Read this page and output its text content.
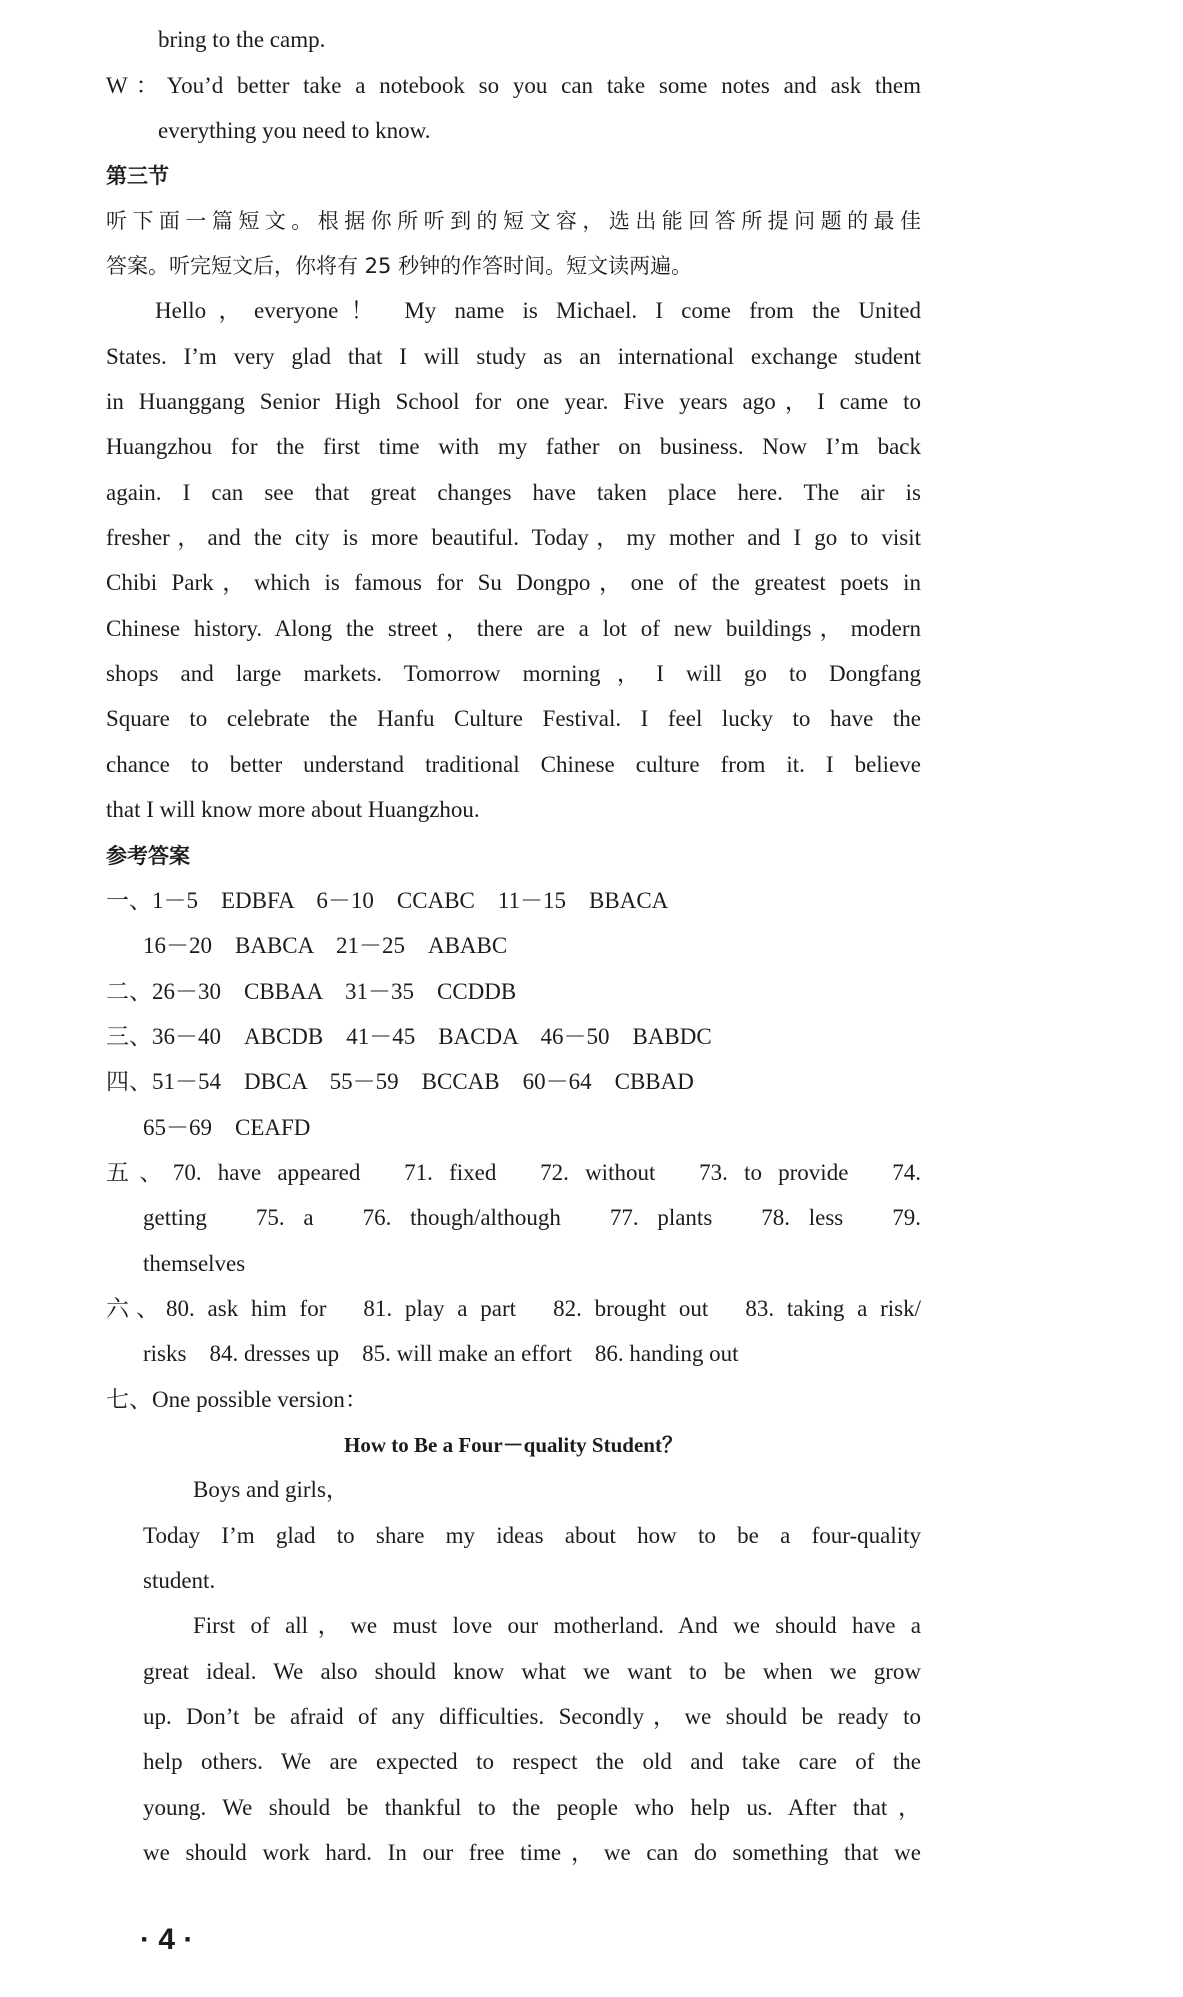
bring to the camp.
W：You’d better take a notebook so you can take some notes and ask them
everything you need to know.
第三节
听下面一篇短文。根据你所听到的短文容，选出能回答所提问题的最佳
答案。听完短文后，你将有 25 秒钟的作答时间。短文读两遍。
Hello，everyone！ My name is Michael. I come from the United
States. I’m very glad that I will study as an international exchange student
in Huanggang Senior High School for one year. Five years ago，I came to
Huangzhou for the first time with my father on business. Now I’m back
again. I can see that great changes have taken place here. The air is
fresher，and the city is more beautiful. Today，my mother and I go to visit
Chibi Park，which is famous for Su Dongpo，one of the greatest poets in
Chinese history. Along the street，there are a lot of new buildings，modern
shops and large markets. Tomorrow morning，I will go to Dongfang
Square to celebrate the Hanfu Culture Festival. I feel lucky to have the
chance to better understand traditional Chinese culture from it. I believe
that I will know more about Huangzhou.
参考答案
一、1－5　EDBFA　6－10　CCABC　11－15　BBACA
16－20　BABCA　21－25　ABABC
二、26－30　CBBAA　31－35　CCDDB
三、36－40　ABCDB　41－45　BACDA　46－50　BABDC
四、51－54　DBCA　55－59　BCCAB　60－64　CBBAD
65－69　CEAFD
五、70. have appeared　71. fixed　72. without　73. to provide　74.
getting　75. a　76. though/although　77. plants　78. less　79.
themselves
六、80. ask him for　81. play a part　82. brought out　83. taking a risk/
risks　84. dresses up　85. will make an effort　86. handing out
七、One possible version：
How to Be a Four－quality Student？
Boys and girls，
Today I’m glad to share my ideas about how to be a four-quality
student.
First of all，we must love our motherland. And we should have a
great ideal. We also should know what we want to be when we grow
up. Don’t be afraid of any difficulties. Secondly，we should be ready to
help others. We are expected to respect the old and take care of the
young. We should be thankful to the people who help us. After that，
we should work hard. In our free time，we can do something that we
· 4 ·
